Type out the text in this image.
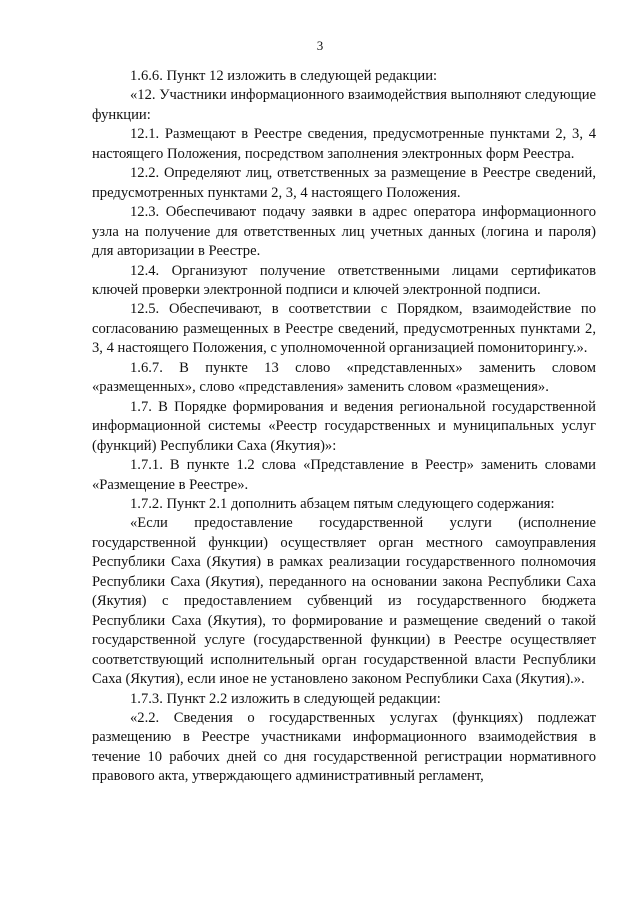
3

1.6.6. Пункт 12 изложить в следующей редакции:

«12. Участники информационного взаимодействия выполняют следующие функции:

12.1. Размещают в Реестре сведения, предусмотренные пунктами 2, 3, 4 настоящего Положения, посредством заполнения электронных форм Реестра.

12.2. Определяют лиц, ответственных за размещение в Реестре сведений, предусмотренных пунктами 2, 3, 4 настоящего Положения.

12.3. Обеспечивают подачу заявки в адрес оператора информационного узла на получение для ответственных лиц учетных данных (логина и пароля) для авторизации в Реестре.

12.4. Организуют получение ответственными лицами сертификатов ключей проверки электронной подписи и ключей электронной подписи.

12.5. Обеспечивают, в соответствии с Порядком, взаимодействие по согласованию размещенных в Реестре сведений, предусмотренных пунктами 2, 3, 4 настоящего Положения, с уполномоченной организацией помониторингу.».

1.6.7. В пункте 13 слово «представленных» заменить словом «размещенных», слово «представления» заменить словом «размещения».

1.7. В Порядке формирования и ведения региональной государственной информационной системы «Реестр государственных и муниципальных услуг (функций) Республики Саха (Якутия)»:

1.7.1. В пункте 1.2 слова «Представление в Реестр» заменить словами «Размещение в Реестре».

1.7.2. Пункт 2.1 дополнить абзацем пятым следующего содержания:

«Если предоставление государственной услуги (исполнение государственной функции) осуществляет орган местного самоуправления Республики Саха (Якутия) в рамках реализации государственного полномочия Республики Саха (Якутия), переданного на основании закона Республики Саха (Якутия) с предоставлением субвенций из государственного бюджета Республики Саха (Якутия), то формирование и размещение сведений о такой государственной услуге (государственной функции) в Реестре осуществляет соответствующий исполнительный орган государственной власти Республики Саха (Якутия), если иное не установлено законом Республики Саха (Якутия).».

1.7.3. Пункт 2.2 изложить в следующей редакции:

«2.2. Сведения о государственных услугах (функциях) подлежат размещению в Реестре участниками информационного взаимодействия в течение 10 рабочих дней со дня государственной регистрации нормативного правового акта, утверждающего административный регламент,
